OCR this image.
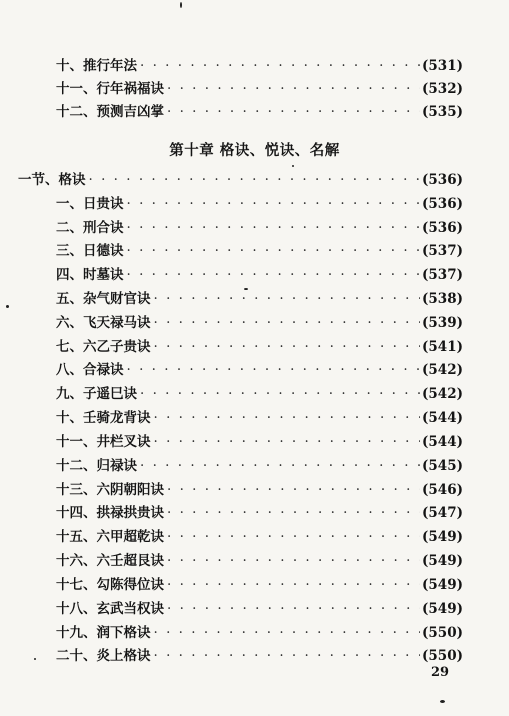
十、推行年法 · · ·	(531)
十一、行年祸福诀 · · ·	(532)
十二、预测吉凶掌 · · ·	(535)
第十章 格诀、悦诀、名解
一节、格诀 · · ·	(536)
一、日贵诀 · · ·	(536)
二、刑合诀 · · ·	(536)
三、日德诀 · · ·	(537)
四、时墓诀 · · ·	(537)
五、杂气财官诀 · · ·	(538)
六、飞天禄马诀 · · ·	(539)
七、六乙子贵诀 · · ·	(541)
八、合禄诀 · · ·	(542)
九、子遥巳诀 · · ·	(542)
十、壬骑龙背诀 · · ·	(544)
十一、井栏叉诀 · · ·	(544)
十二、归禄诀 · · ·	(545)
十三、六阴朝阳诀 · · ·	(546)
十四、拱禄拱贵诀 · · ·	(547)
十五、六甲超乾诀 · · ·	(549)
十六、六壬超艮诀 · · ·	(549)
十七、勾陈得位诀 · · ·	(549)
十八、玄武当权诀 · · ·	(549)
十九、润下格诀 · · ·	(550)
二十、炎上格诀 · · ·	(550)
29
